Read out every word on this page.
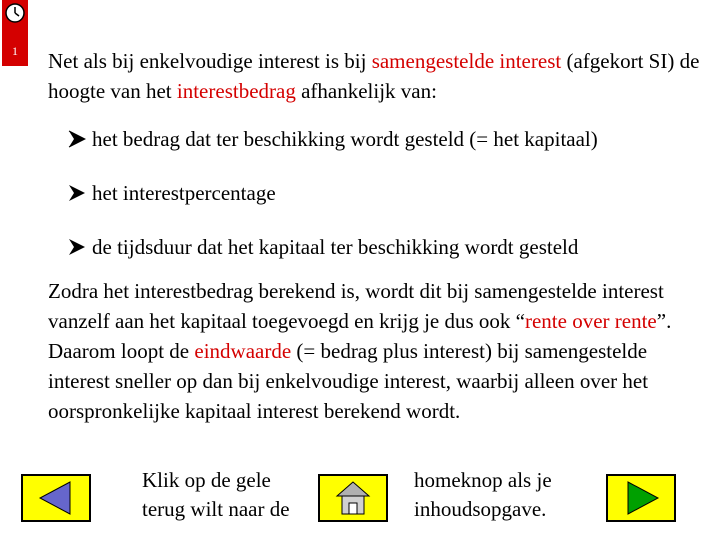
1	Net als bij enkelvoudige interest is bij samengestelde interest (afgekort SI) de hoogte van het interestbedrag afhankelijk van:
het bedrag dat ter beschikking wordt gesteld (= het kapitaal)
het interestpercentage
de tijdsduur dat het kapitaal ter beschikking wordt gesteld
Zodra het interestbedrag berekend is, wordt dit bij samengestelde interest vanzelf aan het kapitaal toegevoegd en krijg je dus ook “rente over rente”. Daarom loopt de eindwaarde (= bedrag plus interest) bij samengestelde interest sneller op dan bij enkelvoudige interest, waarbij alleen over het oorspronkelijke kapitaal interest berekend wordt.
Klik op de gele terug wilt naar de
homeknop als je inhoudsopgave.
